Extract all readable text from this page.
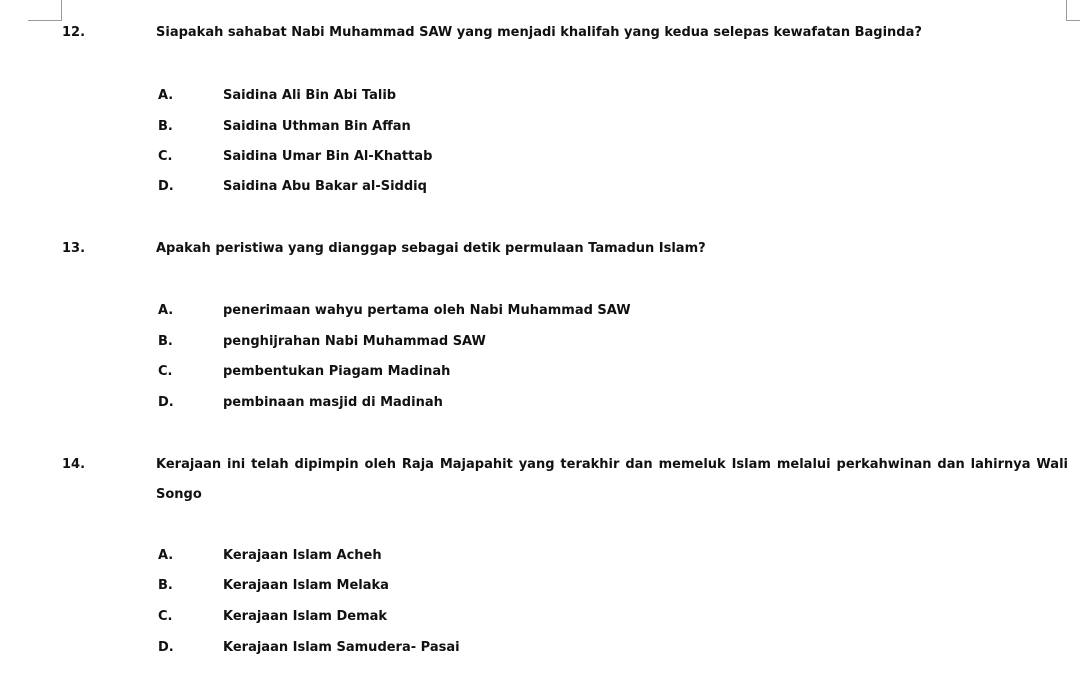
12.	Siapakah sahabat Nabi Muhammad SAW yang menjadi khalifah yang kedua selepas kewafatan Baginda?
A.	Saidina Ali Bin Abi Talib
B.	Saidina Uthman Bin Affan
C.	Saidina Umar Bin Al-Khattab
D.	Saidina Abu Bakar al-Siddiq
13.	Apakah peristiwa yang dianggap sebagai detik permulaan Tamadun Islam?
A.	penerimaan wahyu pertama oleh Nabi Muhammad SAW
B.	penghijrahan Nabi Muhammad SAW
C.	pembentukan Piagam Madinah
D.	pembinaan masjid di Madinah
14.	Kerajaan ini telah dipimpin oleh Raja Majapahit yang terakhir dan memeluk Islam melalui perkahwinan dan lahirnya Wali
Songo
A.	Kerajaan Islam Acheh
B.	Kerajaan Islam Melaka
C.	Kerajaan Islam Demak
D.	Kerajaan Islam Samudera- Pasai
